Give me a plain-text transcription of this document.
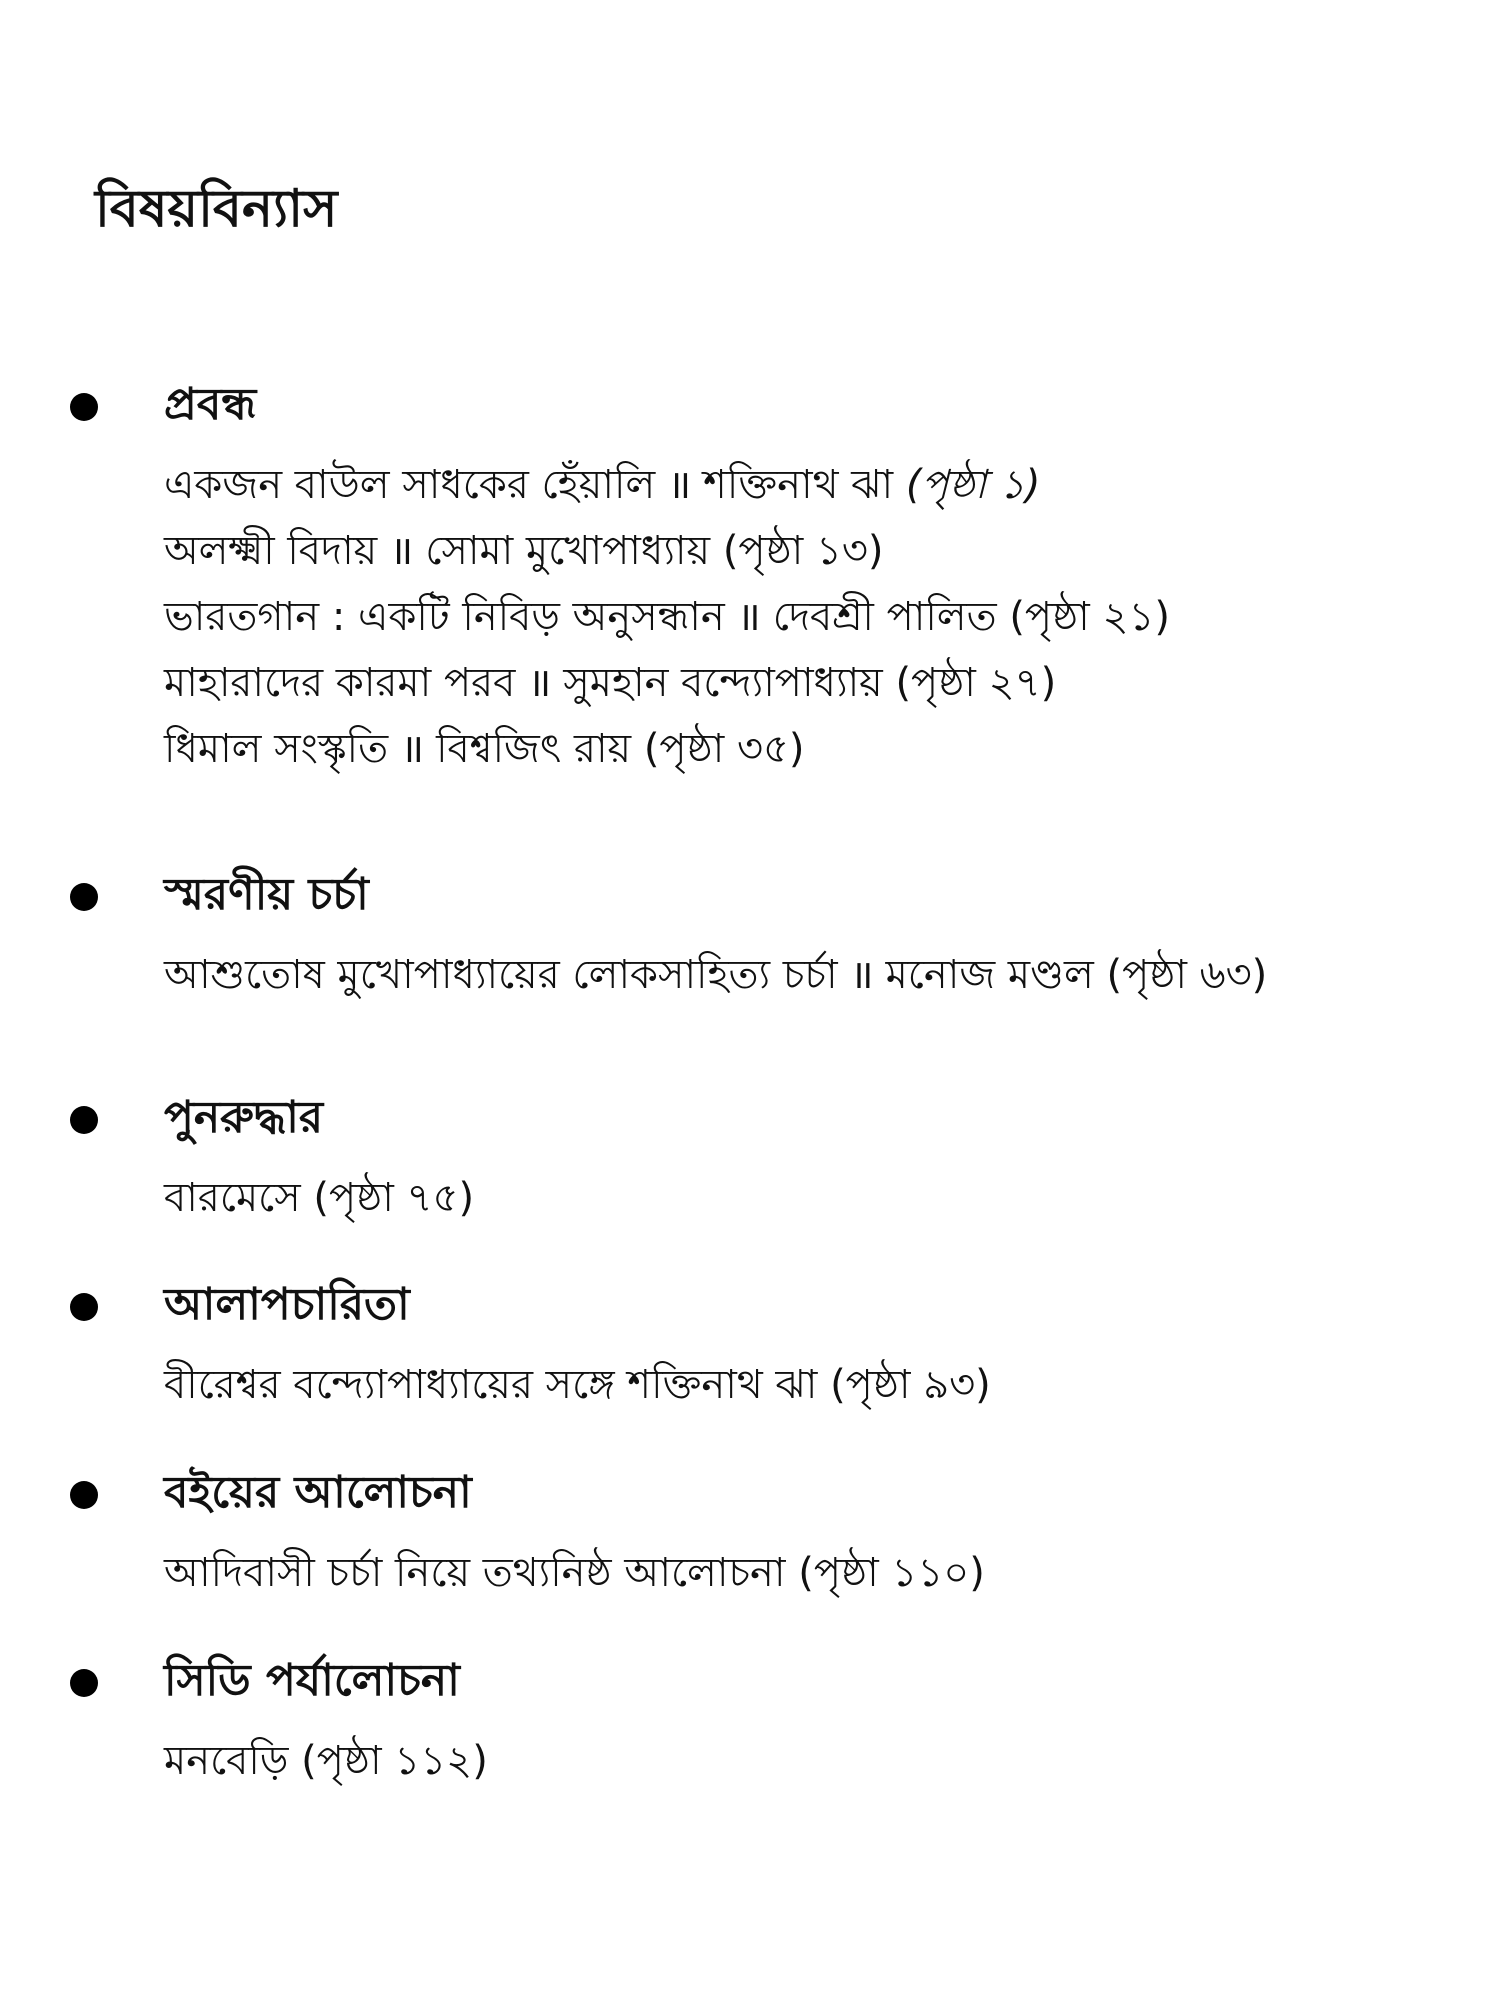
বিষয়বিন্যাস
প্রবন্ধ
একজন বাউল সাধকের হেঁয়ালি ॥ শক্তিনাথ ঝা (পৃষ্ঠা ১)
অলক্ষ্মী বিদায় ॥ সোমা মুখোপাধ্যায় (পৃষ্ঠা ১৩)
ভারতগান : একটি নিবিড় অনুসন্ধান ॥ দেবশ্রী পালিত (পৃষ্ঠা ২১)
মাহারাদের কারমা পরব ॥ সুমহান বন্দ্যোপাধ্যায় (পৃষ্ঠা ২৭)
ধিমাল সংস্কৃতি ॥ বিশ্বজিৎ রায় (পৃষ্ঠা ৩৫)
স্মরণীয় চর্চা
আশুতোষ মুখোপাধ্যায়ের লোকসাহিত্য চর্চা ॥ মনোজ মণ্ডল (পৃষ্ঠা ৬৩)
পুনরুদ্ধার
বারমেসে (পৃষ্ঠা ৭৫)
আলাপচারিতা
বীরেশ্বর বন্দ্যোপাধ্যায়ের সঙ্গে শক্তিনাথ ঝা (পৃষ্ঠা ৯৩)
বইয়ের আলোচনা
আদিবাসী চর্চা নিয়ে তথ্যনিষ্ঠ আলোচনা (পৃষ্ঠা ১১০)
সিডি পর্যালোচনা
মনবেড়ি (পৃষ্ঠা ১১২)
